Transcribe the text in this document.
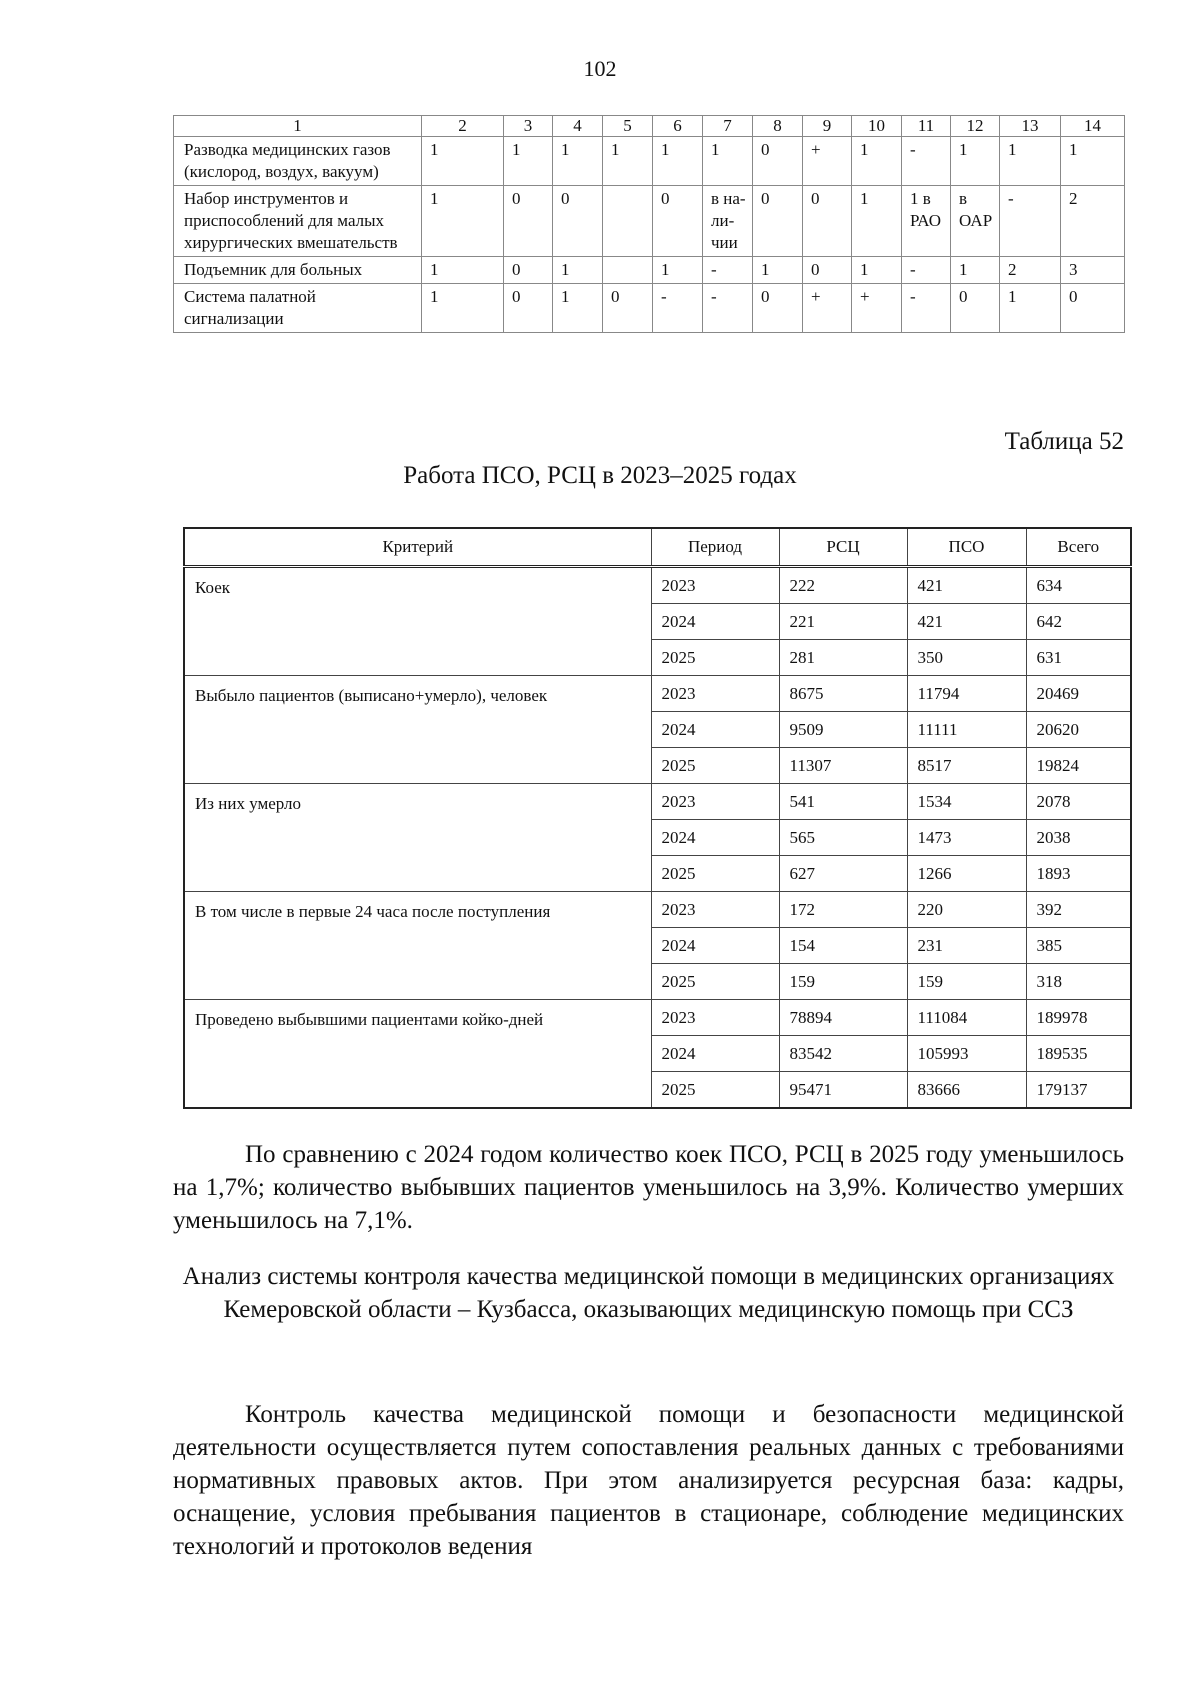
102
1	2	3	4	5	6	7	8	9	10	11	12	13	14
Разводка медицинских газов (кислород, воздух, вакуум)	1	1	1	1	1	1	0	+	1	-	1	1	1
Набор инструментов и приспособлений для малых хирургических вмешательств	1	0	0		0	в на-ли-чии	0	0	1	1 в РАО	в ОАР	-	2
Подъемник для больных	1	0	1		1	-	1	0	1	-	1	2	3
Система палатной сигнализации	1	0	1	0	-	-	0	+	+	-	0	1	0
Таблица 52
Работа ПСО, РСЦ в 2023–2025 годах
Критерий	Период	РСЦ	ПСО	Всего
Коек	2023	222	421	634
	2024	221	421	642
	2025	281	350	631
Выбыло пациентов (выписано+умерло), человек	2023	8675	11794	20469
	2024	9509	11111	20620
	2025	11307	8517	19824
Из них умерло	2023	541	1534	2078
	2024	565	1473	2038
	2025	627	1266	1893
В том числе в первые 24 часа после поступления	2023	172	220	392
	2024	154	231	385
	2025	159	159	318
Проведено выбывшими пациентами койко-дней	2023	78894	111084	189978
	2024	83542	105993	189535
	2025	95471	83666	179137
По сравнению с 2024 годом количество коек ПСО, РСЦ в 2025 году уменьшилось на 1,7%; количество выбывших пациентов уменьшилось на 3,9%. Количество умерших уменьшилось на 7,1%.
Анализ системы контроля качества медицинской помощи в медицинских организациях Кемеровской области – Кузбасса, оказывающих медицинскую помощь при ССЗ
Контроль качества медицинской помощи и безопасности медицинской деятельности осуществляется путем сопоставления реальных данных с требованиями нормативных правовых актов. При этом анализируется ресурсная база: кадры, оснащение, условия пребывания пациентов в стационаре, соблюдение медицинских технологий и протоколов ведения
